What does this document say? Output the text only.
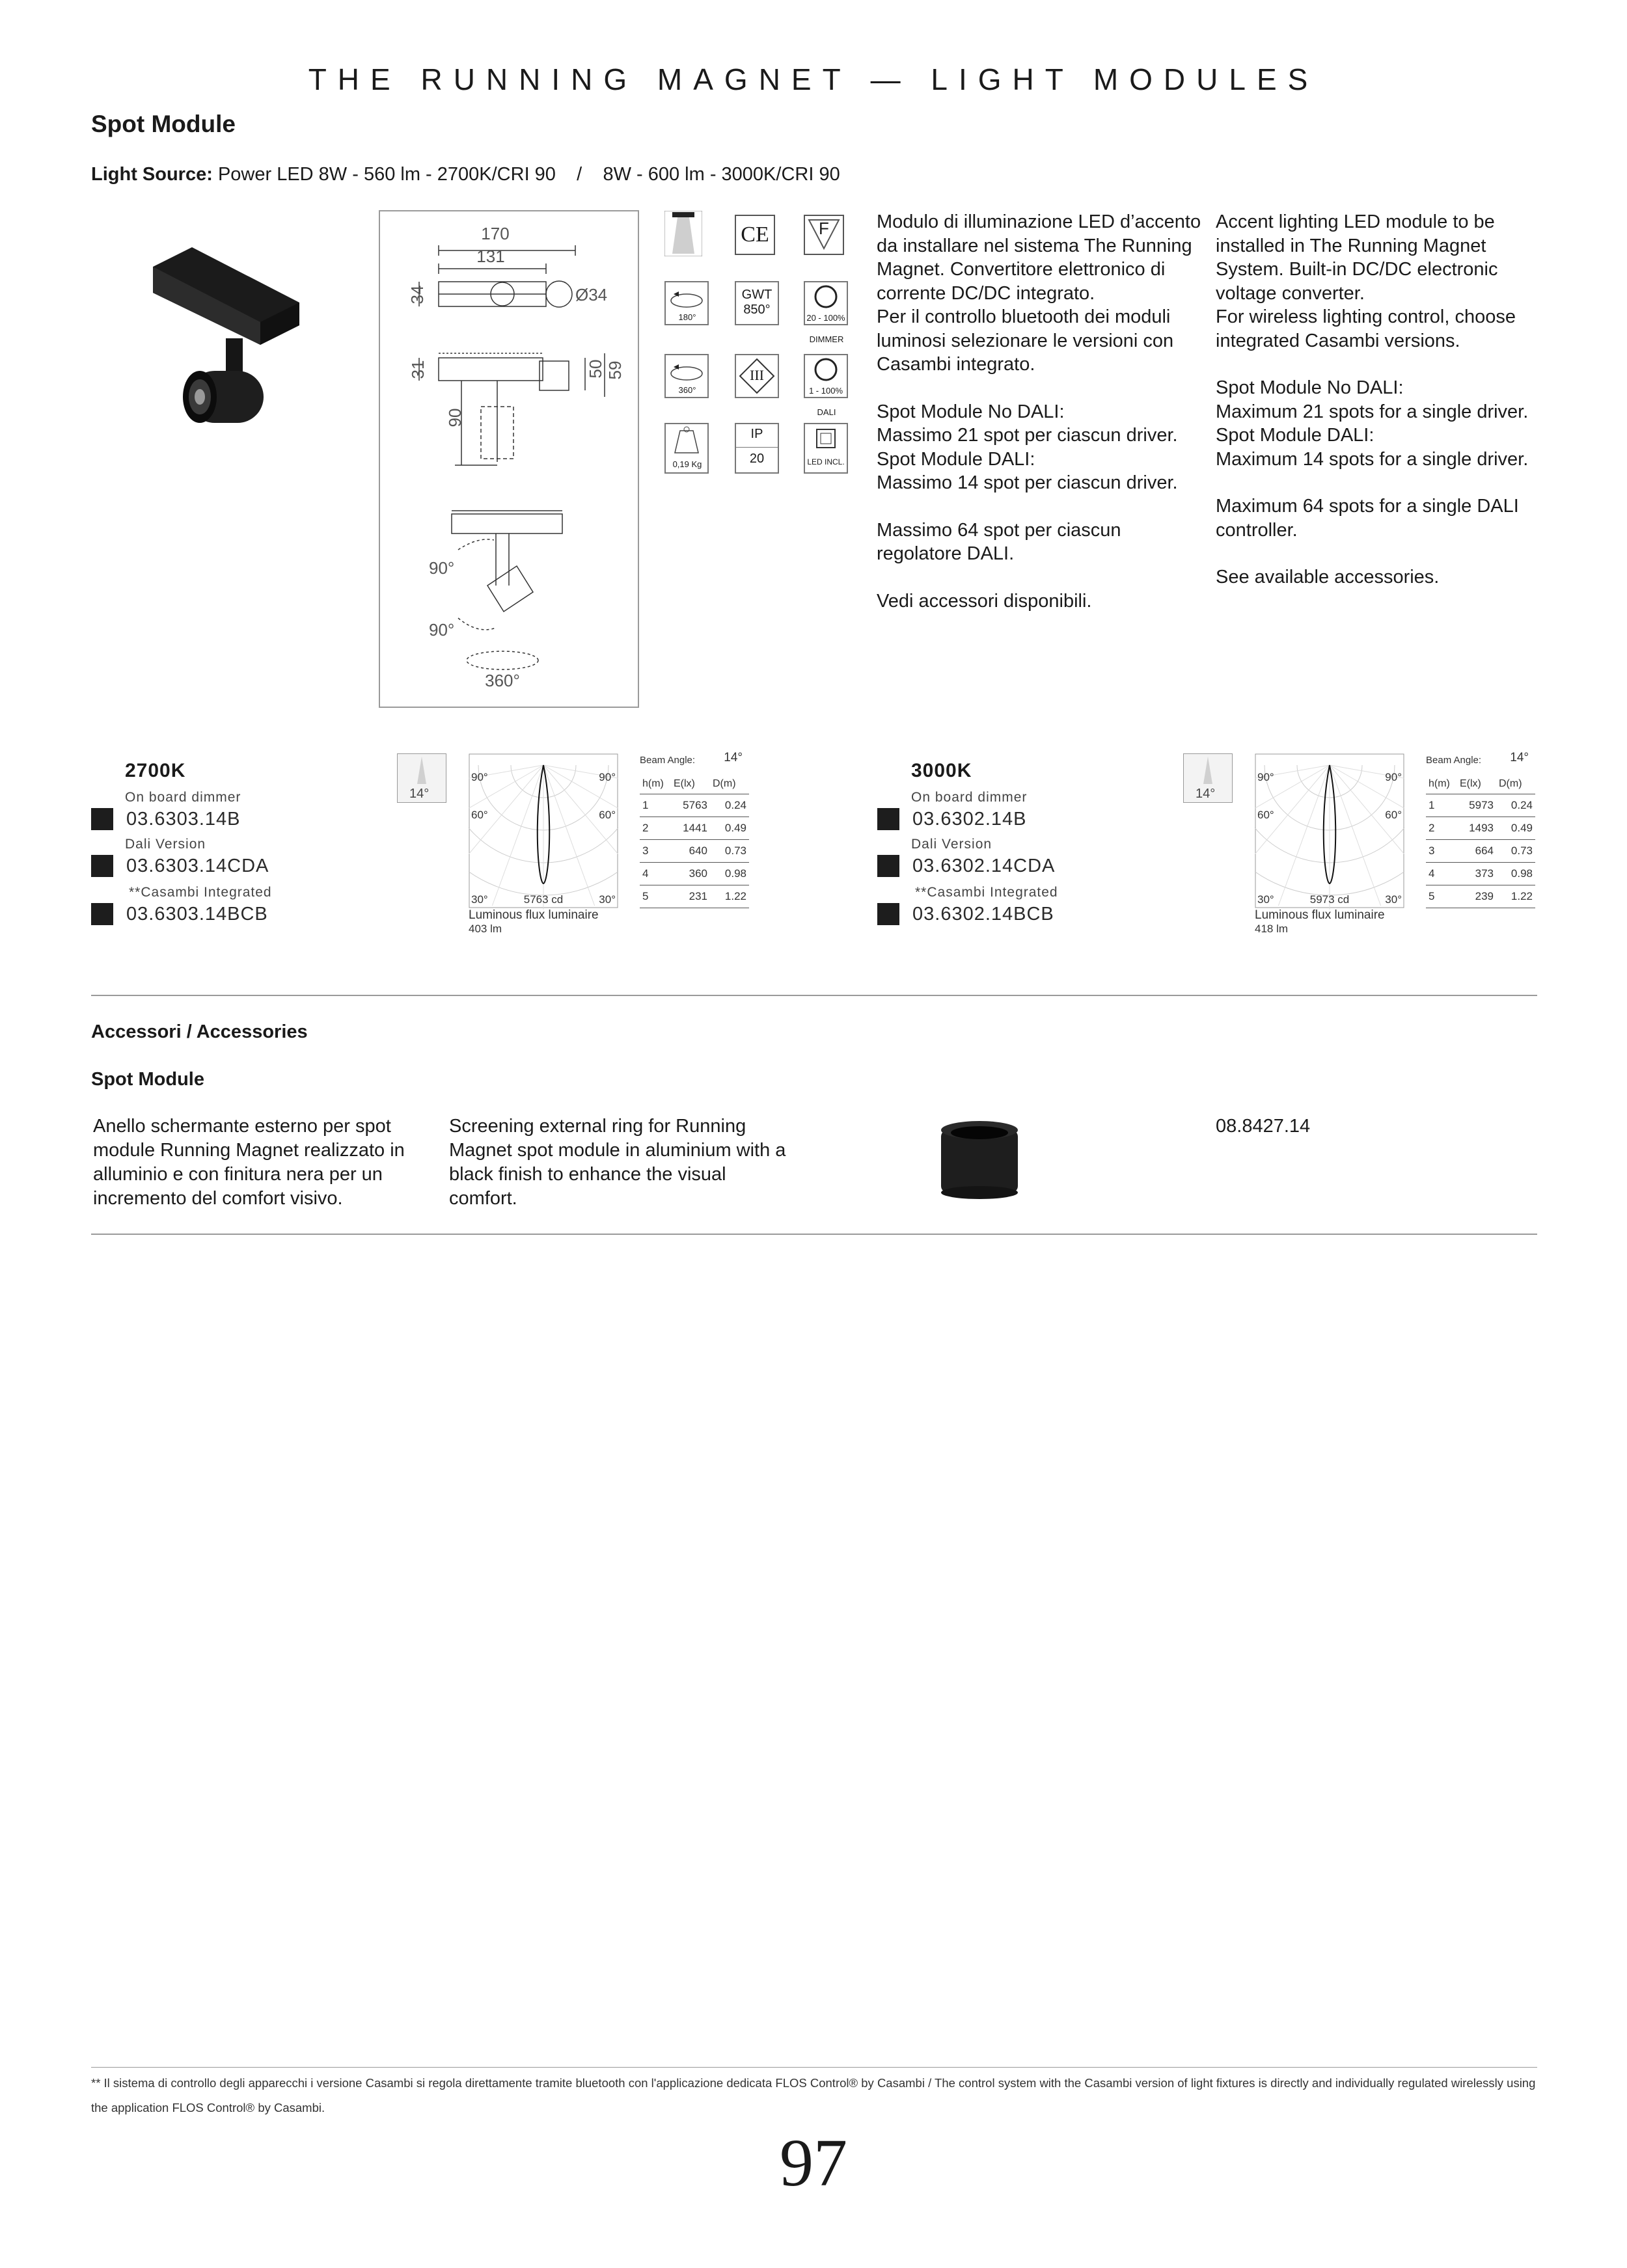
THE RUNNING MAGNET — LIGHT MODULES
Spot Module
Light Source: Power LED 8W - 560 lm - 2700K/CRI 90    /    8W - 600 lm - 3000K/CRI 90
170
131
34	Ø34
31	50 59
90
90°
90°
360°
CE	F
180°
GWT
850°
20 - 100%
DIMMER
360°
III
1 - 100%
DALI
0,19 Kg
IP
20	LED INCL.

Modulo di illuminazione LED d’accento da installare nel sistema The Running Magnet. Convertitore elettronico di corrente DC/DC integrato.

Per il controllo bluetooth dei moduli luminosi selezionare le versioni con Casambi integrato.

Spot Module No DALI:

Massimo 21 spot per ciascun driver.

Spot Module DALI:

Massimo 14 spot per ciascun driver.

Massimo 64 spot per ciascun regolatore DALI.

Vedi accessori disponibili.

Accent lighting LED module to be installed in The Running Magnet System. Built-in DC/DC electronic voltage converter.

For wireless lighting control, choose integrated Casambi versions.

Spot Module No DALI:

Maximum 21 spots for a single driver.

Spot Module DALI:

Maximum 14 spots for a single driver.

Maximum 64 spots for a single DALI controller.

See available accessories.

2700K
On board dimmer
03.6303.14B
Dali Version
03.6303.14CDA
**Casambi Integrated
03.6303.14BCB
14°
90°	90°
60°	60°
30°	30°
5763 cd
Luminous flux luminaire
403 lm
Beam Angle: 14°
h(m)	E(lx)	D(m)
1	5763	0.24
2	1441	0.49
3	640	0.73
4	360	0.98
5	231	1.22
3000K
On board dimmer
03.6302.14B
Dali Version
03.6302.14CDA
**Casambi Integrated
03.6302.14BCB
14°
90°	90°
60°	60°
30°	30°
5973 cd
Luminous flux luminaire
418 lm
Beam Angle: 14°
h(m)	E(lx)	D(m)
1	5973	0.24
2	1493	0.49
3	664	0.73
4	373	0.98
5	239	1.22
Accessori / Accessories
Spot Module
Anello schermante esterno per spot module Running Magnet realizzato in alluminio e con finitura nera per un incremento del comfort visivo.
Screening external ring for Running Magnet spot module in aluminium with a black finish to enhance the visual comfort.
08.8427.14
** Il sistema di controllo degli apparecchi i versione Casambi si regola direttamente tramite bluetooth con l'applicazione dedicata FLOS Control® by Casambi / The control system with the Casambi version of light fixtures is directly and individually regulated wirelessly using the application FLOS Control® by Casambi.
97
